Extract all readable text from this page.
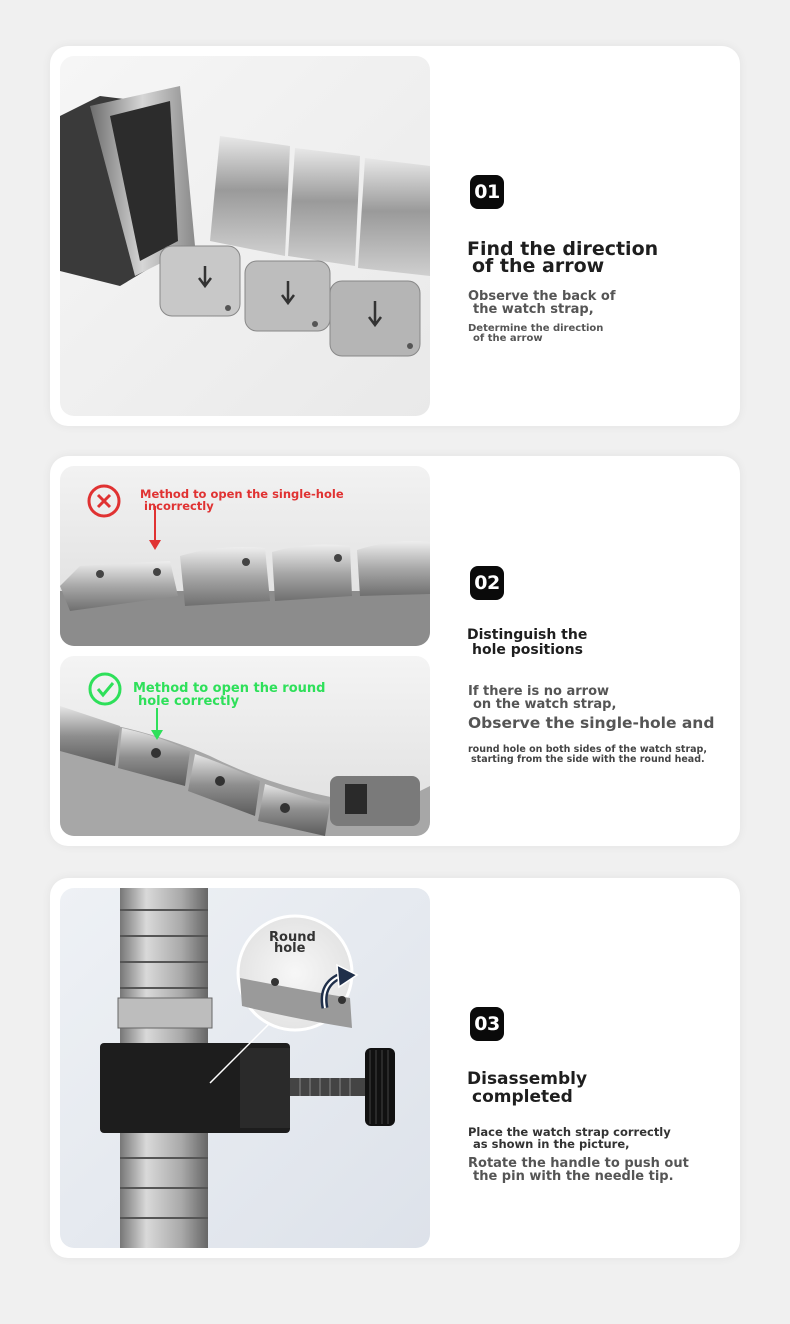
01
Find the direction
of the arrow
Observe the back of
the watch strap,
Determine the direction
of the arrow
Method to open the single-hole
incorrectly
Method to open the round
hole correctly
02
Distinguish the
hole positions
If there is no arrow
on the watch strap,
Observe the single-hole and
round hole on both sides of the watch strap,
starting from the side with the round head.
Round
hole
03
Disassembly
completed
Place the watch strap correctly
as shown in the picture,
Rotate the handle to push out
the pin with the needle tip.
